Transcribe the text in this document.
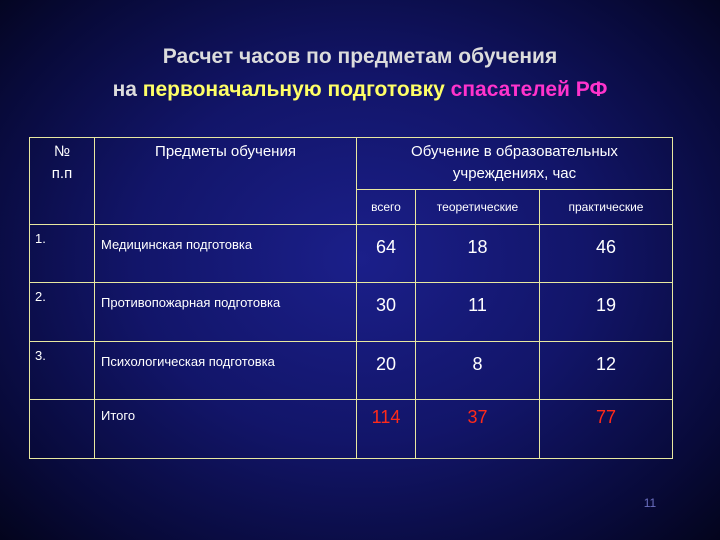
Расчет часов по предметам обучения
на первоначальную подготовку спасателей РФ
№
п.п	Предметы обучения	Обучение в образовательных учреждениях, час		
		всего	теоретические	практические
1.	Медицинская подготовка	64	18	46
2.	Противопожарная подготовка	30	11	19
3.	Психологическая подготовка	20	8	12
	Итого	114	37	77
11
